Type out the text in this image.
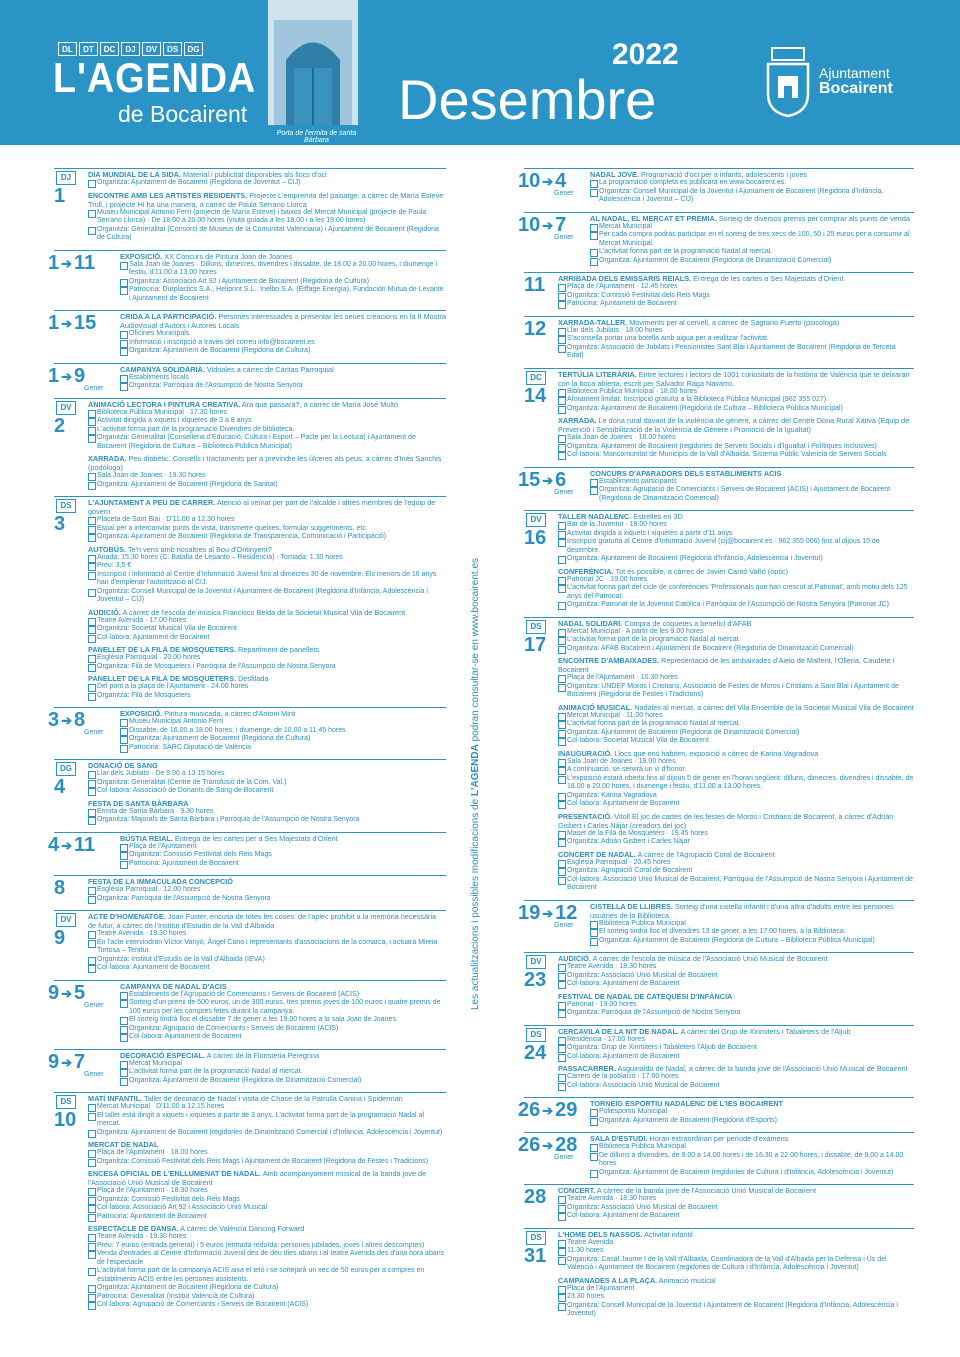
DL	DT	DC	DJ	DV	DS	DG
L'AGENDA
de Bocairent
Porta de l'ermita de santa Bàrbara
2022
Desembre	Ajuntament
Bocairent
Les actualitzacions i possibles modificacions de L'AGENDA podran consultar-se en www.bocairent.es
DJ
1
DIA MUNDIAL DE LA SIDA. Material i publicitat disponibles als llocs d'oci
Organitza: Ajuntament de Bocairent (Regidoria de Joventut – CIJ)
ENCONTRE AMB LES ARTISTES RESIDENTS. Projecte L'empremta del paisatge, a càrrec de María Esteve Trull, i projecte Hi ha una manera, a càrrec de Paula Serrano Llorca
Museu Municipal Antonio Ferri (projecte de María Esteve) i baixos del Mercat Municipal (projecte de Paula Serrano Llorca) · De 18.00 a 20.00 hores (visita guiada a les 18.00 i a les 19.00 hores)
Organitza: Generalitat (Consorci de Museus de la Comunitat Valenciana) i Ajuntament de Bocairent (Regidoria de Cultura)
1 ➔ 11	EXPOSICIÓ. XX Concurs de Pintura Joan de Joanes
Sala Joan de Joanes · Dilluns, dimecres, divendres i dissabte, de 18.00 a 20.00 hores, i diumenge i festiu, d'11.00 a 13.00 hores
Organitza: Associació Art 92 i Ajuntament de Bocairent (Regidoria de Cultura)
Patrocina: Durplastics S.A., Heliprint S.L., Inelbo S.A. (Eiffage Energía), Fundación Mutua de Levante i Ajuntament de Bocairent
1 ➔ 15	CRIDA A LA PARTICIPACIÓ. Persones interessades a presentar les seues creacions en la II Mostra Audiovisual d'Autors i Autores Locals
Oficines Municipals
Informació i inscripció a través del correu info@bocairent.es
Organitza: Ajuntament de Bocairent (Regidoria de Cultura)
1 ➔ 9
Gener
CAMPANYA SOLIDÀRIA. Vidrioles a càrrec de Càritas Parroquial
Establiments locals
Organitza: Parròquia de l'Assumpció de Nostra Senyora
DV
2
ANIMACIÓ LECTORA I PINTURA CREATIVA. Ara què passarà?, a càrrec de María José Moltó
Biblioteca Pública Municipal · 17.30 hores
Activitat dirigida a xiquets i xiquetes de 3 a 8 anys
L'activitat forma part de la programació Divendres de biblioteca.
Organitza: Generalitat (Conselleria d'Educació, Cultura i Esport – Pacte per la Lectura) i Ajuntament de Bocairent (Regidoria de Cultura – Biblioteca Pública Municipal)
XARRADA. Peu diabètic. Consells i tractaments per a previndre les úlceres als peus, a càrrec d'Inés Sanchis (podòloga)
Sala Joan de Joanes · 19.30 hores
Organitza: Ajuntament de Bocairent (Regidoria de Sanitat)
DS
3
L'AJUNTAMENT A PEU DE CARRER. Atenció al veïnat per part de l'alcalde i altres membres de l'equip de govern
Placeta de Sant Blai · D'11.00 a 12.30 hores
Espai per a intercanviar punts de vista, transmetre queixes, formular suggeriments, etc.
Organitza: Ajuntament de Bocairent (Regidoria de Transparència, Comunicació i Participació)
AUTOBÚS. Te'n vens amb nosaltres al Bou d'Ontinyent?
Anada: 15.30 hores (C. Batalla de Lepanto – Residència) - Tornada: 1.30 hores
Preu: 3,5 €
Inscripció i informació al Centre d'Informació Juvenil fins al dimecres 30 de novembre. Els menors de 16 anys han d'emplenar l'autorització al CIJ.
Organitza: Consell Municipal de la Joventut i Ajuntament de Bocairent (Regidoria d'Infància, Adolescència i Joventut – CIJ)
AUDICIÓ. A càrrec de l'escola de música Francisco Belda de la Societat Musical Vila de Bocairent
Teatre Avenida · 17.00 hores
Organitza: Societat Musical Vila de Bocairent
Col·labora: Ajuntament de Bocairent
PANELLET DE LA FILÀ DE MOSQUETERS. Repartiment de panellets
Església Parroquial · 20.00 hores
Organitza: Filà de Mosqueters i Parròquia de l'Assumpció de Nostra Senyora
PANELLET DE LA FILÀ DE MOSQUETERS. Desfilada
Del pont a la plaça de l'Ajuntament · 24.00 hores
Organitza: Filà de Mosqueters
3 ➔ 8
Gener
EXPOSICIÓ. Pintura musicada, a càrrec d'Antoni Miró
Museu Municipal Antonio Ferri
Dissabte, de 16.00 a 18.00 hores, i diumenge, de 10.00 a 11.45 hores
Organitza: Ajuntament de Bocairent (Regidoria de Cultura)
Patrocina: SARC Diputació de València
DG
4
DONACIÓ DE SANG
Llar dels Jubilats · De 9.00 a 13.15 hores
Organitza: Generalitat (Centre de Transfusió de la Com. Val.)
Col·labora: Associació de Donants de Sang de Bocairent
FESTA DE SANTA BÀRBARA
Ermita de Santa Bàrbara · 9.30 hores
Organitza: Majorals de Santa Bàrbara i Parròquia de l'Assumpció de Nostra Senyora
4 ➔ 11	BÚSTIA REIAL. Entrega de les cartes per a Ses Majestats d'Orient
Plaça de l'Ajuntament
Organitza: Comissió Festivitat dels Reis Mags
Patrocina: Ajuntament de Bocairent
8	FESTA DE LA IMMACULADA CONCEPCIÓ
Església Parroquial · 12.00 hores
Organitza: Parròquia de l'Assumpció de Nostra Senyora
DV
9
ACTE D'HOMENATGE. Joan Fuster, encusa de totes les coses: de l'aplec prohibit a la memòria necessària de futur, a càrrec de l'Institut d'Estudis de la Vall d'Albaida
Teatre Avenida · 19.30 hores
En l'acte intervindran Víctor Vanyó, Àngel Cano i representants d'associacions de la comarca, i actuarà Mireia Tortosa – Tendur.
Organitza: Institut d'Estudis de la Vall d'Albaida (IEVA)
Col·labora: Ajuntament de Bocairent
9 ➔ 5
Gener
CAMPANYA DE NADAL D'ACIS
Establiments de l'Agrupació de Comerciants i Serveis de Bocairent (ACIS)
Sorteig d'un premi de 500 euros, un de 300 euros, tres premis joves de 100 euros i quatre premis de 100 euros per les compres fetes durant la campanya.
El sorteig tindrà lloc el dissabte 7 de gener a les 19.00 hores a la sala Joan de Joanes.
Organitza: Agrupació de Comerciants i Serveis de Bocairent (ACIS)
Col·labora: Ajuntament de Bocairent
9 ➔ 7
Gener
DECORACIÓ ESPECIAL. A càrrec de la Floristeria Peregrina
Mercat Municipal
L'activitat forma part de la programació Nadal al mercat.
Organitza: Ajuntament de Bocairent (Regidoria de Dinamització Comercial)
DS
10
MATÍ INFANTIL. Taller de decoració de Nadal i visita de Chase de la Patrulla Canina i Spiderman
Mercat Municipal · D'11.00 a 12.15 hores
El taller està dirigit a xiquets i xiquetes a partir de 3 anys. L'activitat forma part de la programació Nadal al mercat.
Organitza: Ajuntament de Bocairent (regidories de Dinamització Comercial i d'Infància, Adolescència i Joventut)
MERCAT DE NADAL
Plaça de l'Ajuntament · 18.00 hores
Organitza: Comissió Festivitat dels Reis Mags i Ajuntament de Bocairent (Regidoria de Festes i Tradicions)
ENCESA OFICIAL DE L'ENLLUMENAT DE NADAL. Amb acompanyament musical de la banda jove de l'Associació Unió Musical de Bocairent
Plaça de l'Ajuntament · 18.30 hores
Organitza: Comissió Festivitat dels Reis Mags
Col·labora: Associació Art 92 i Associació Unió Musical
Patrocina: Ajuntament de Bocairent
ESPECTACLE DE DANSA. A càrrec de València Dancing Forward
Teatre Avenida · 19.30 hores
Preu: 7 euros (entrada general) i 5 euros (entrada reduïda: persones jubilades, joves i altres descomptes)
Venda d'entrades al Centre d'Informació Juvenil des de deu dies abans i al teatre Avenida des d'una hora abans de l'espectacle
L'activitat forma part de la campanya ACIS aixa el teló i se sortejarà un xec de 50 euros per a compres en establiments ACIS entre les persones assistents.
Organitza: Ajuntament de Bocairent (Regidoria de Cultura)
Patrocina: Generalitat (Institut Valencià de Cultura)
Col·labora: Agrupació de Comerciants i Serveis de Bocairent (ACIS)
10 ➔ 4
Gener
NADAL JOVE. Programació d'oci per a infants, adolescents i joves
La programació completa es publicarà en www.bocairent.es.
Organitza: Consell Municipal de la Joventut i Ajuntament de Bocairent (Regidoria d'Infància, Adolescència i Joventut – CIJ)
10 ➔ 7
Gener
AL NADAL, EL MERCAT ET PREMIA. Sorteig de diversos premis per comprar als punts de venda
Mercat Municipal
Per cada compra podràs participar en el sorteig de tres xecs de 100, 50 i 25 euros per a consumir al Mercat Municipal.
L'activitat forma part de la programació Nadal al mercat.
Organitza: Ajuntament de Bocairent (Regidoria de Dinamització Comercial)
11 ARRIBADA DELS EMISSARIS REIALS. Entrega de les cartes a Ses Majestats d'Orient
Plaça de l'Ajuntament · 12.45 hores
Organitza: Comissió Festivitat dels Reis Mags
Patrocina: Ajuntament de Bocairent
12 XARRADA-TALLER. Moviments per al cervell, a càrrec de Sagrario Puerto (psicòloga)
Llar dels Jubilats · 18.00 hores
S'aconsella portar una botella amb aigua per a realitzar l'activitat.
Organitza: Associació de Jubilats i Pensionistes Sant Blai i Ajuntament de Bocairent (Regidoria de Tercera Edat)
DC
14
TERTÚLIA LITERÀRIA. Entre lectores i lectors de 1001 curiositats de la història de València que te deixaran con la boca abierta, escrit per Salvador Raga Navarro.
Biblioteca Pública Municipal · 18.00 hores
Aforament limitat. Inscripció gratuïta a la Biblioteca Pública Municipal (962 355 027).
Organitza: Ajuntament de Bocairent (Regidoria de Cultura – Biblioteca Pública Municipal)
XARRADA. Le dona rural davant de la violència de gènere, a càrrec del Centre Dona Rural Xàtiva (Equip de Prevenció i Sensibilització de la Violència de Gènere i Promoció de la Igualtat)
Sala Joan de Joanes · 18.00 hores
Organitza: Ajuntament de Bocairent (regidories de Serveis Socials i d'Igualtat i Polítiques Inclusives)
Col·labora: Mancomunitat de Municipis de la Vall d'Albaida. Sistema Públic Valencià de Serveis Socials
15 ➔ 6
Gener
CONCURS D'APARADORS DELS ESTABLIMENTS ACIS
Establiments participants
Organitza: Agrupació de Comerciants i Serveis de Bocairent (ACIS) i Ajuntament de Bocairent (Regidoria de Dinamització Comercial)
DV
16
TALLER NADALENC. Estrelles en 3D
Bar de la Juventut · 18.00 hores
Activitat dirigida a xiquets i xiquetes a partir d'11 anys
Inscripció gratuïta al Centre d'Informació Juvenil (cij@bocairent.es · 962 355 006) fins al dijous 15 de desembre.
Organitza: Ajuntament de Bocairent (Regidoria d'Infància, Adolescència i Joventut)
CONFERÈNCIA. Tot és possible, a càrrec de Javier Cantó Vañó (òptic)
Patronat JC · 19.00 hores
L'activitat forma part del cicle de conferències 'Professionals que han crescut al Patronat', amb motiu dels 125 anys del Patronat.
Organitza: Patronat de la Joventut Catòlica i Parròquia de l'Assumpció de Nostra Senyora (Patronat JC)
DS
17
NADAL SOLIDARI. Compra de coquetes a benefici d'AFAB
Mercat Municipal · A partir de les 9.00 hores
L'activitat forma part de la programació Nadal al mercat.
Organitza: AFAB Bocairent i Ajuntament de Bocairent (Regidoria de Dinamització Comercial)
ENCONTRE D'AMBAIXADES. Representació de les ambaixades d'Aielo de Malferit, l'Olleria, Caudete i Bocairent
Plaça de l'Ajuntament · 10.30 hores
Organitza: UNDEF Moros i Cristians, Associació de Festes de Moros i Cristians a Sant Blai i Ajuntament de Bocairent (Regidoria de Festes i Tradicions)
ANIMACIÓ MUSICAL. Nadales al mercat, a càrrec del Vila Ensemble de la Societat Musical Vila de Bocairent
Mercat Municipal · 11.00 hores
L'activitat forma part de la programació Nadal al mercat.
Organitza: Ajuntament de Bocairent (Regidoria de Dinamització Comercial)
Col·labora: Societat Musical Vila de Bocairent
INAUGURACIÓ. Llocs que ens habiten, exposició a càrrec de Karina Vagradova
Sala Joan de Joanes · 19.00 hores
A continuació, se servirà un vi d'honor.
L'exposició estarà oberta fins al dijous 5 de gener en l'horari següent: dilluns, dimecres, divendres i dissabte, de 18.00 a 20.00 hores, i diumenge i festiu, d'11.00 a 13.00 hores.
Organitza: Karina Vagradova
Col·labora: Ajuntament de Bocairent
PRESENTACIÓ. Vitoll El joc de cartes de les festes de Moros i Cristians de Bocairent, a càrrec d'Adrián Gisbert i Carles Nàjar (creadors del joc)
Maset de la Filà de Mosqueters · 19.45 hores
Organitza: Adrián Gisbert i Carles Nàjar
CONCERT DE NADAL. A càrrec de l'Agrupació Coral de Bocairent
Església Parroquial · 20.45 hores
Organitza: Agrupació Coral de Bocairent
Col·labora: Associació Unió Musical de Bocairent, Parròquia de l'Assumpció de Nostra Senyora i Ajuntament de Bocairent
19 ➔ 12
Gener
CISTELLA DE LLIBRES. Sorteig d'una cistella infantil i d'una altra d'adults entre les persones usuàries de la Biblioteca
Biblioteca Pública Municipal
El sorteig tindrà lloc el divendres 13 de gener, a les 17.00 hores, a la Biblioteca.
Organitza: Ajuntament de Bocairent (Regidoria de Cultura – Biblioteca Pública Municipal)
DV
23
AUDICIÓ. A càrrec de l'escola de música de l'Associació Unió Musical de Bocairent
Teatre Avenida · 18.30 hores
Organitza: Associació Unió Musical de Bocairent
Col·labora: Ajuntament de Bocairent
FESTIVAL DE NADAL DE CATEQUESI D'INFÀNCIA
Patronat · 19.00 hores
Organitza: Parròquia de l'Assumpció de Nostra Senyora
DS
24
CERCAVILA DE LA NIT DE NADAL. A càrrec del Grup de Xirimiters i Tabaleters de l'Aljub
Residència · 17.00 hores
Organitza: Grup de Xirimiters i Tabaleters l'Aljub de Bocairent
Col·labora: Ajuntament de Bocairent
PASSACARRER. Asguinaldo de Nadal, a càrrec de la banda jove de l'Associació Unió Musical de Bocairent
Carrers de la població · 17.00 hores
Col·labora: Associació Unió Musical de Bocairent
26 ➔ 29 TORNEIG ESPORTIU NADALENC DE L'IES BOCAIRENT
Poliesportiu Municipal
Organitza: Ajuntament de Bocairent (Regidoria d'Esports)
26 ➔ 28
Gener
SALA D'ESTUDI. Horari extraordinari per període d'exàmens
Biblioteca Pública Municipal
De dilluns a divendres, de 9.00 a 14.00 hores i de 16.30 a 22.00 hores, i dissabte, de 9.00 a 14.00 hores
Organitza: Ajuntament de Bocairent (regidories de Cultura i d'Infància, Adolescència i Joventut)
28 CONCERT. A càrrec de la banda jove de l'Associació Unió Musical de Bocairent
Teatre Avenida · 18.30 hores
Organitza: Associació Unió Musical de Bocairent
Col·labora: Ajuntament de Bocairent
DS
31
L'HOME DELS NASSOS. Activitat infantil
Teatre Avenida
11.30 hores
Organitza: Casal Jaume I de la Vall d'Albaida, Coordinadora de la Vall d'Albaida per la Defensa i Ús del Valencià i Ajuntament de Bocairent (regidories de Cultura i d'Infància, Adolescència i Joventut)
CAMPANADES A LA PLAÇA. Animació musical
Plaça de l'Ajuntament
23.30 hores
Organitza: Consell Municipal de la Joventut i Ajuntament de Bocairent (Regidoria d'Infància, Adolescència i Joventut)
